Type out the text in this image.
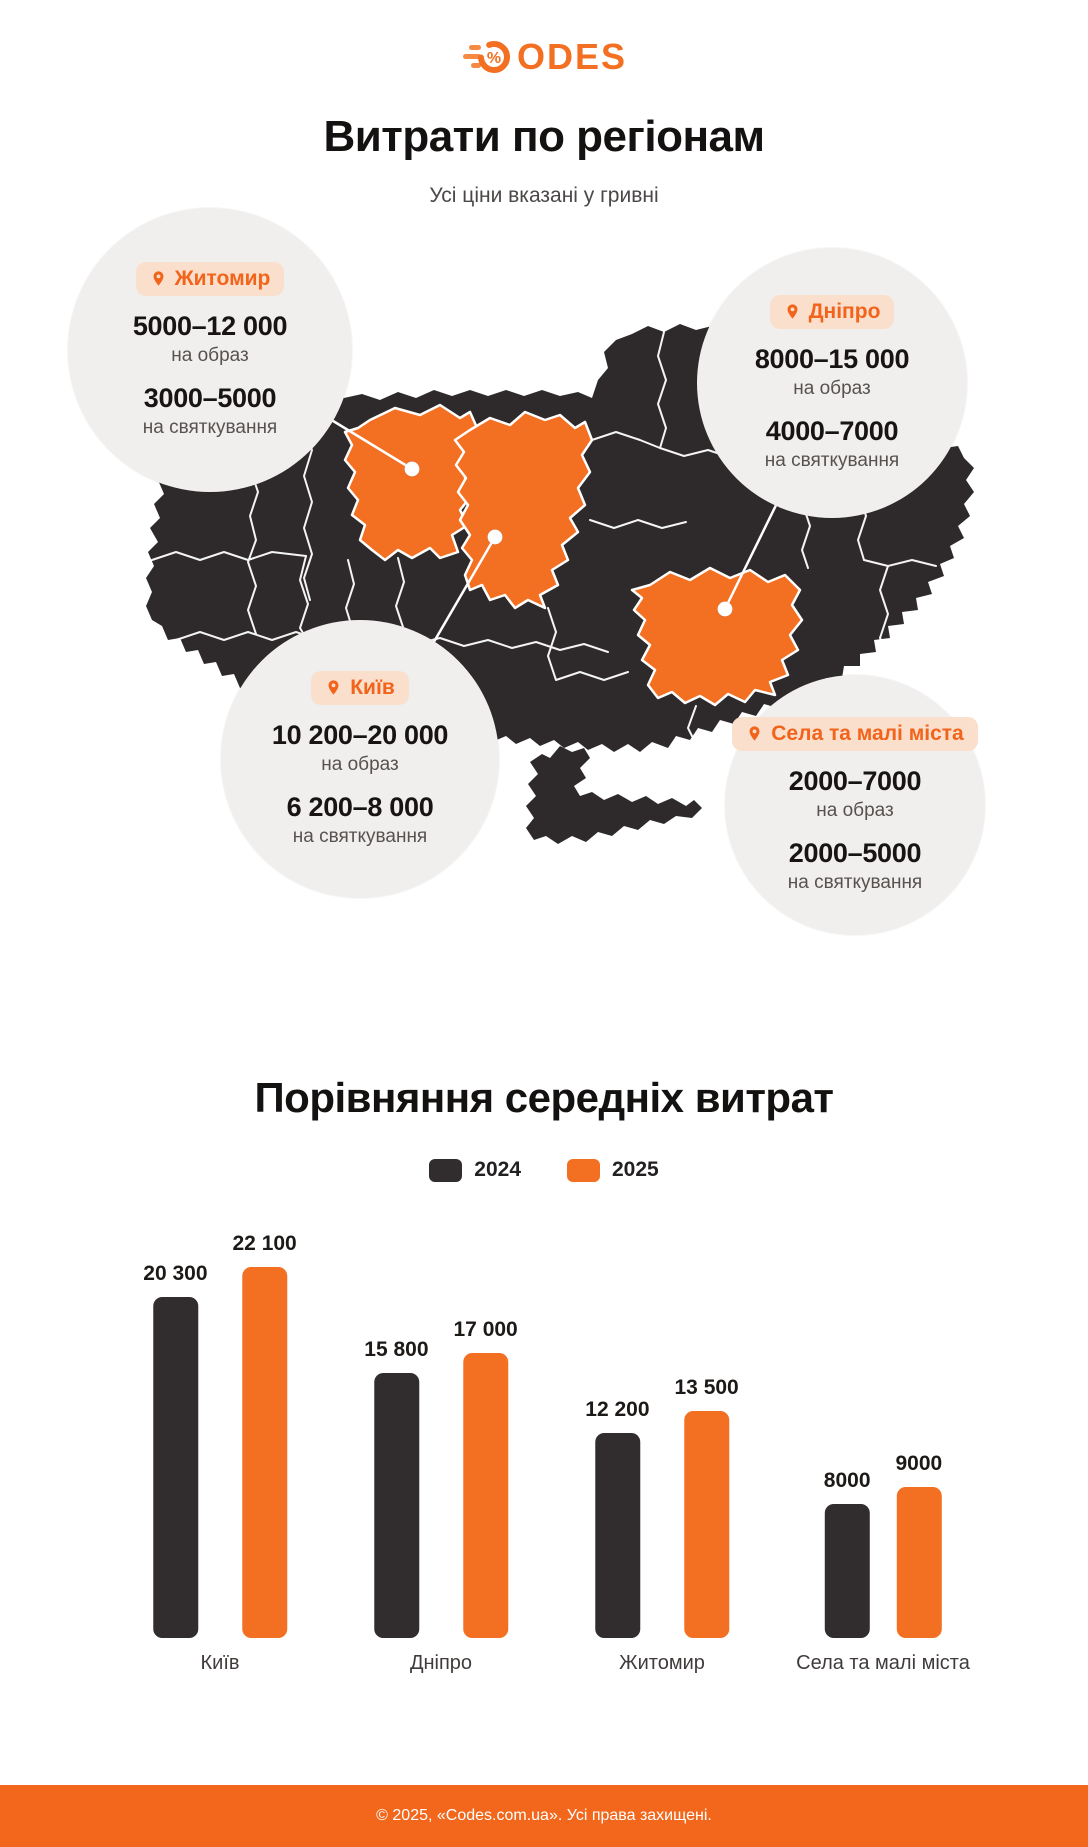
% ODES
Витрати по регіонам
Усі ціни вказані у гривні
Житомир
5000–12 000
на образ
3000–5000
на святкування
Дніпро
8000–15 000
на образ
4000–7000
на святкування
Київ
10 200–20 000
на образ
6 200–8 000
на святкування
Села та малі міста
2000–7000
на образ
2000–5000
на святкування
Порівняння середніх витрат
2024	2025
20 300
22 100
15 800
17 000
12 200
13 500
8000
9000
Київ	Дніпро	Житомир	Села та малі міста
© 2025, «Codes.com.ua». Усі права захищені.
